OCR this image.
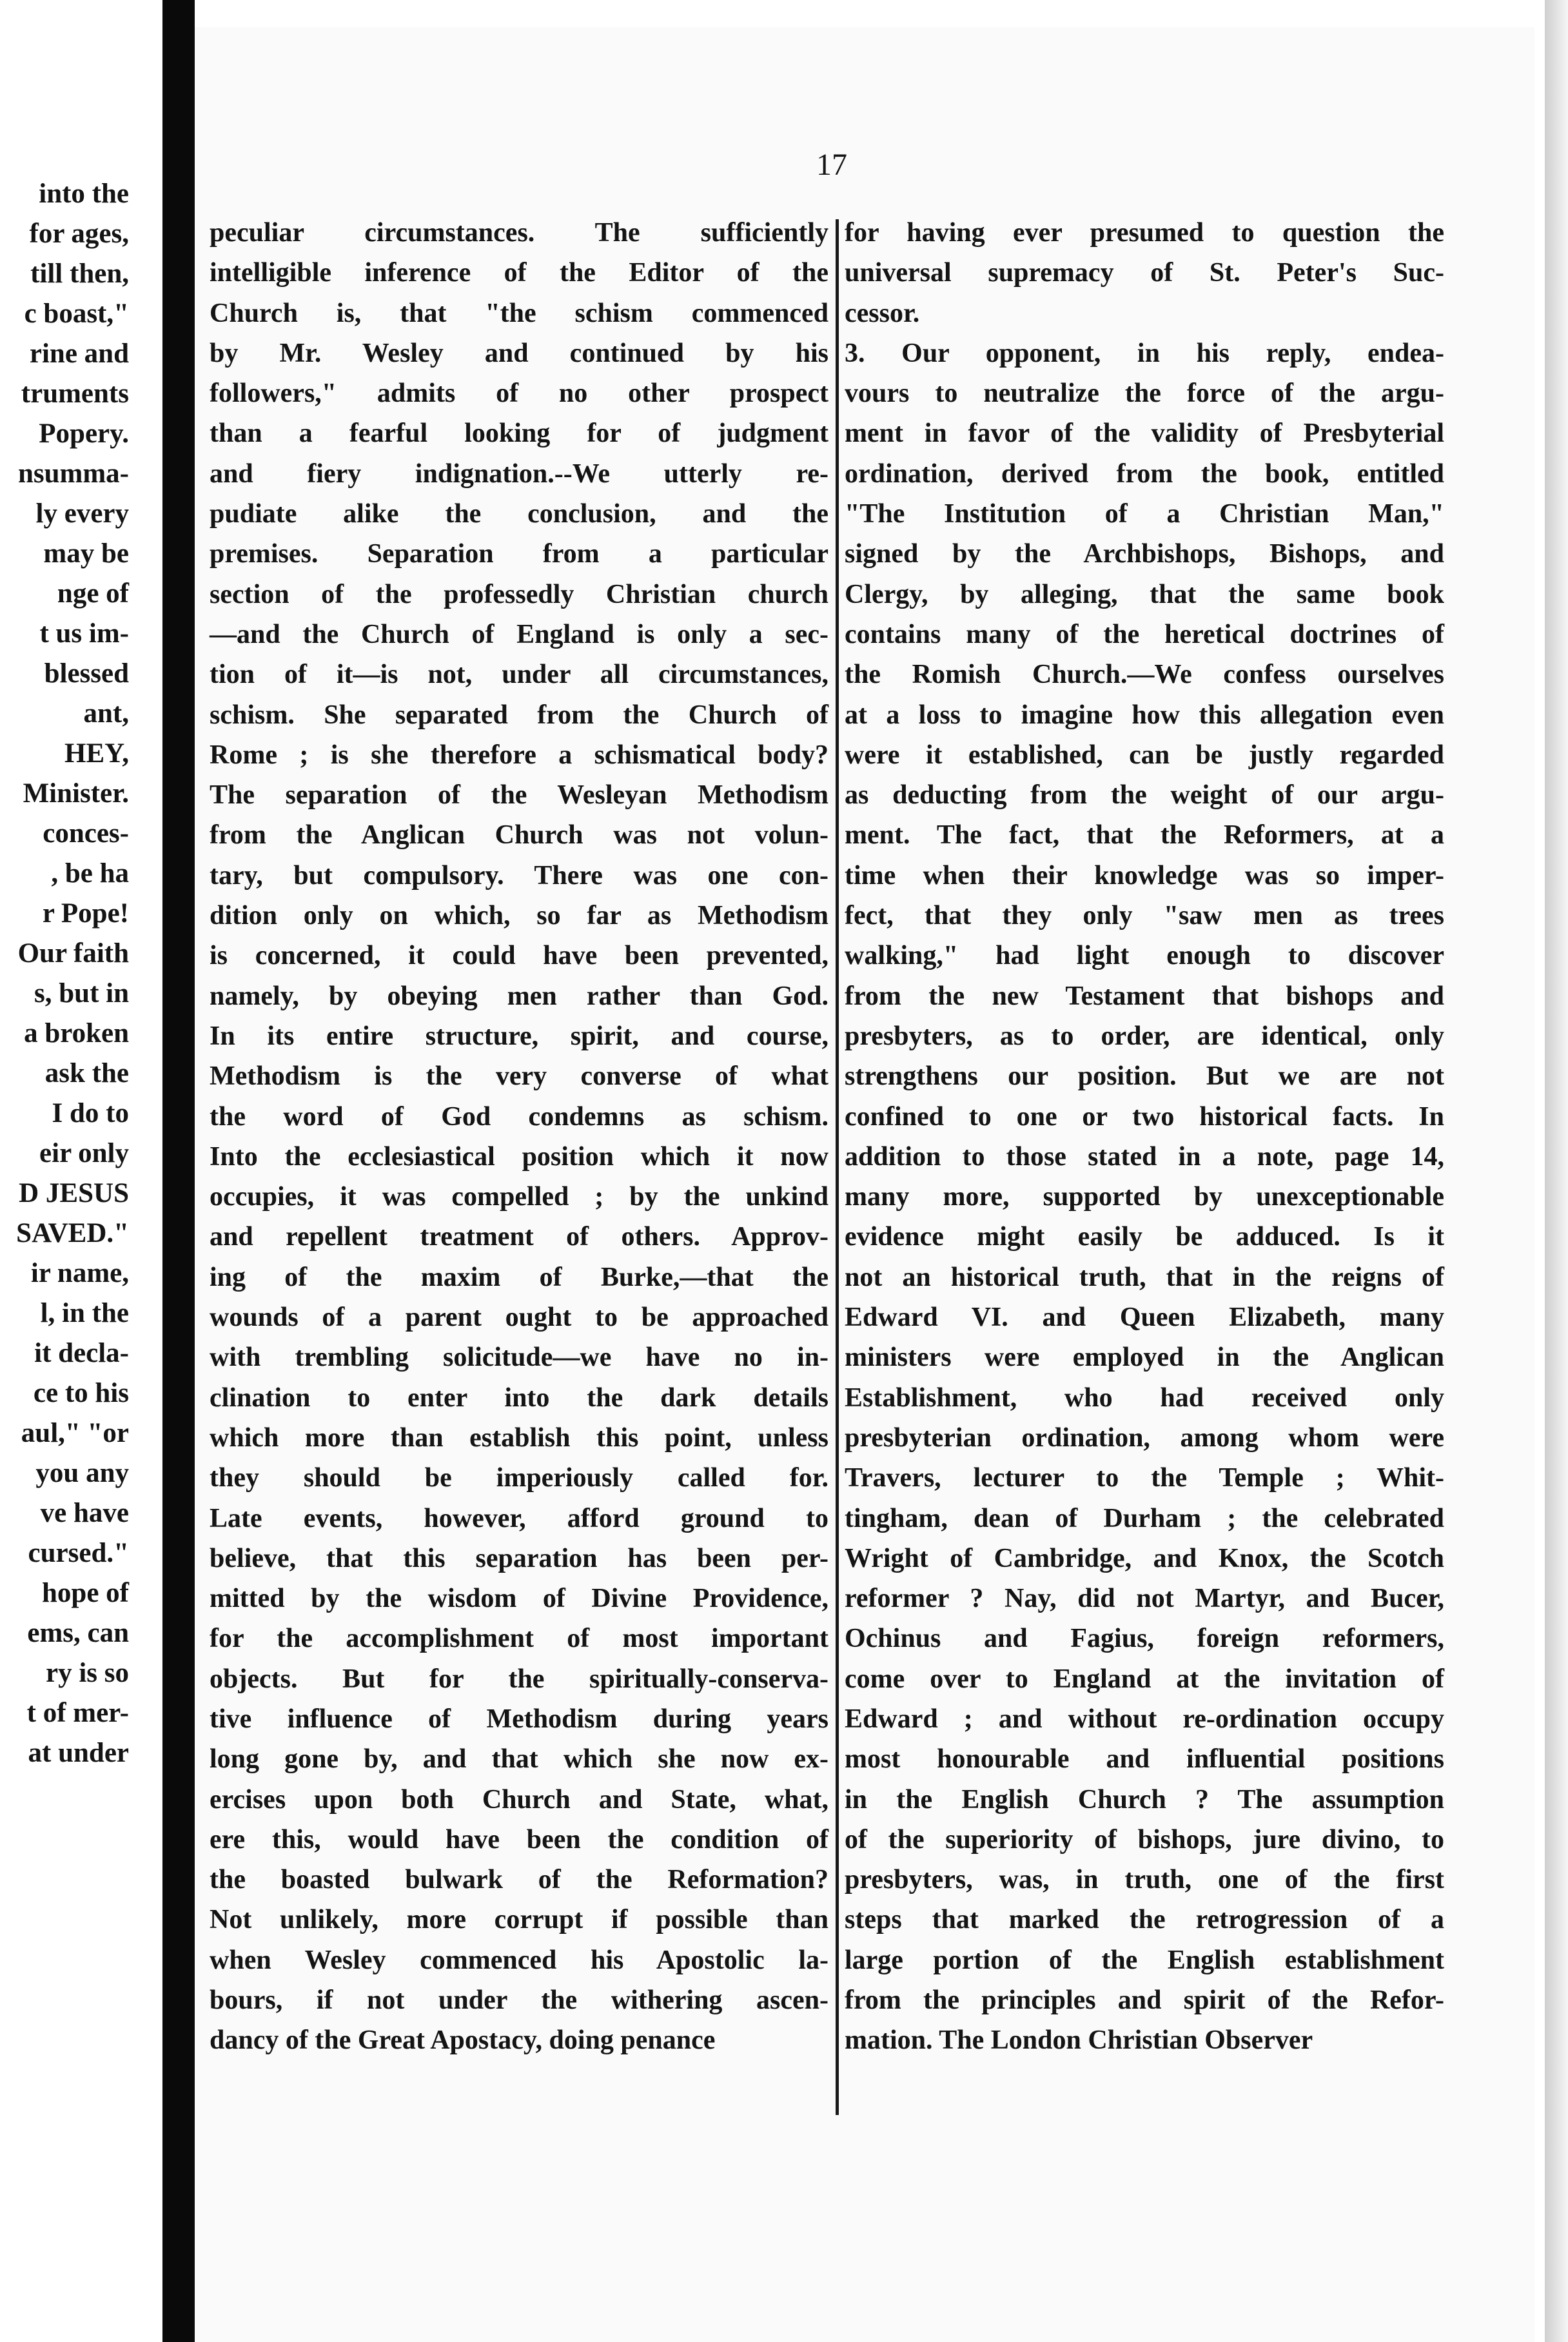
into the
for ages,
till then,
c boast,"
rine and
truments
Popery.
nsumma-
ly every
may be
nge of
t us im-
blessed
ant,
HEY,
Minister.
conces-
, be ha
r Pope!
Our faith
s, but in
a broken
ask the
I do to
eir only
D JESUS
SAVED."
ir name,
l, in the
it decla-
ce to his
aul," "or
you any
ve have
cursed."
hope of
ems, can
ry is so
t of mer-
at under
17
peculiar circumstances. The sufficiently
intelligible inference of the Editor of the
Church is, that "the schism commenced
by Mr. Wesley and continued by his
followers," admits of no other prospect
than a fearful looking for of judgment
and fiery indignation.--We utterly re-
pudiate alike the conclusion, and the
premises. Separation from a particular
section of the professedly Christian church
—and the Church of England is only a sec-
tion of it—is not, under all circumstances,
schism. She separated from the Church of
Rome ; is she therefore a schismatical body?
The separation of the Wesleyan Methodism
from the Anglican Church was not volun-
tary, but compulsory. There was one con-
dition only on which, so far as Methodism
is concerned, it could have been prevented,
namely, by obeying men rather than God.
In its entire structure, spirit, and course,
Methodism is the very converse of what
the word of God condemns as schism.
Into the ecclesiastical position which it now
occupies, it was compelled ; by the unkind
and repellent treatment of others. Approv-
ing of the maxim of Burke,—that the
wounds of a parent ought to be approached
with trembling solicitude—we have no in-
clination to enter into the dark details
which more than establish this point, unless
they should be imperiously called for.
Late events, however, afford ground to
believe, that this separation has been per-
mitted by the wisdom of Divine Providence,
for the accomplishment of most important
objects. But for the spiritually-conserva-
tive influence of Methodism during years
long gone by, and that which she now ex-
ercises upon both Church and State, what,
ere this, would have been the condition of
the boasted bulwark of the Reformation?
Not unlikely, more corrupt if possible than
when Wesley commenced his Apostolic la-
bours, if not under the withering ascen-
dancy of the Great Apostacy, doing penance
for having ever presumed to question the
universal supremacy of St. Peter's Suc-
cessor.
3. Our opponent, in his reply, endea-
vours to neutralize the force of the argu-
ment in favor of the validity of Presbyterial
ordination, derived from the book, entitled
"The Institution of a Christian Man,"
signed by the Archbishops, Bishops, and
Clergy, by alleging, that the same book
contains many of the heretical doctrines of
the Romish Church.—We confess ourselves
at a loss to imagine how this allegation even
were it established, can be justly regarded
as deducting from the weight of our argu-
ment. The fact, that the Reformers, at a
time when their knowledge was so imper-
fect, that they only "saw men as trees
walking," had light enough to discover
from the new Testament that bishops and
presbyters, as to order, are identical, only
strengthens our position. But we are not
confined to one or two historical facts. In
addition to those stated in a note, page 14,
many more, supported by unexceptionable
evidence might easily be adduced. Is it
not an historical truth, that in the reigns of
Edward VI. and Queen Elizabeth, many
ministers were employed in the Anglican
Establishment, who had received only
presbyterian ordination, among whom were
Travers, lecturer to the Temple ; Whit-
tingham, dean of Durham ; the celebrated
Wright of Cambridge, and Knox, the Scotch
reformer ? Nay, did not Martyr, and Bucer,
Ochinus and Fagius, foreign reformers,
come over to England at the invitation of
Edward ; and without re-ordination occupy
most honourable and influential positions
in the English Church ? The assumption
of the superiority of bishops, jure divino, to
presbyters, was, in truth, one of the first
steps that marked the retrogression of a
large portion of the English establishment
from the principles and spirit of the Refor-
mation. The London Christian Observer
